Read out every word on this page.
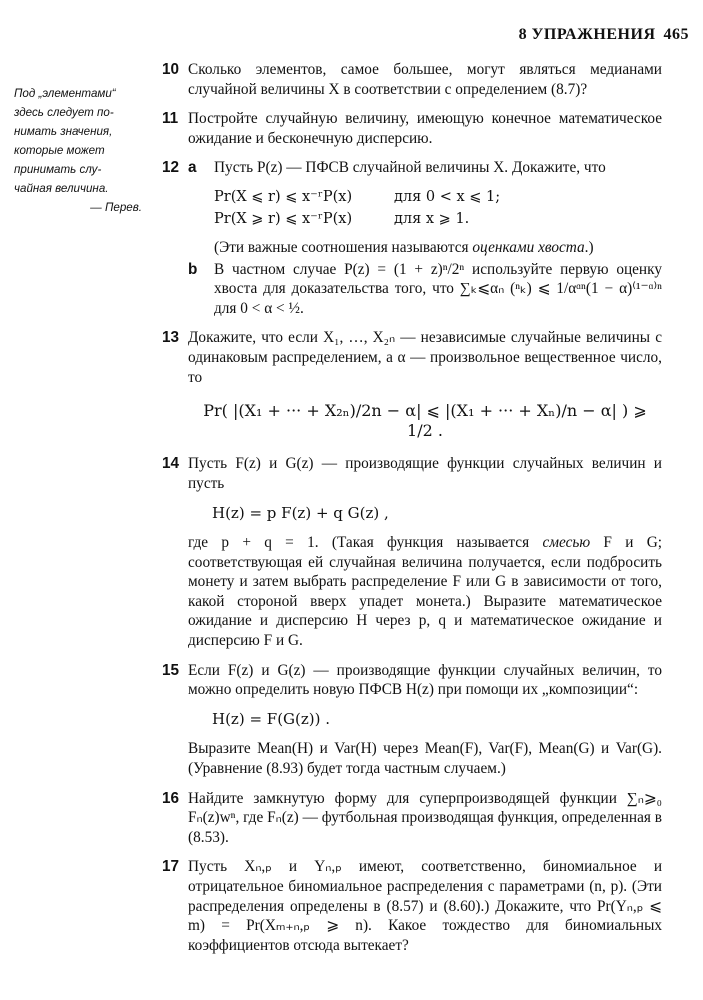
8 УПРАЖНЕНИЯ 465
Под „элементами“
здесь следует по-
нимать значения,
которые может
принимать слу-
чайная величина.
— Перев.
10 Сколько элементов, самое большее, могут являться медианами случайной величины X в соответствии с определением (8.7)?
11 Постройте случайную величину, имеющую конечное математическое ожидание и бесконечную дисперсию.
12 a Пусть P(z) — ПФСВ случайной величины X. Докажите, что
Pr(X ⩽ r) ⩽ x⁻ʳP(x)	для 0 < x ⩽ 1;
Pr(X ⩾ r) ⩽ x⁻ʳP(x)	для x ⩾ 1.
(Эти важные соотношения называются оценками хвоста.)
b В частном случае P(z) = (1 + z)ⁿ/2ⁿ используйте первую оценку хвоста для доказательства того, что ∑ₖ⩽αₙ (ⁿₖ) ⩽ 1/αᵅⁿ(1 − α)⁽¹⁻ᵅ⁾ⁿ для 0 < α < ½.
13 Докажите, что если X₁, …, X₂ₙ — независимые случайные величины с одинаковым распределением, а α — произвольное вещественное число, то
Pr( |(X₁ + ··· + X₂ₙ)/2n − α| ⩽ |(X₁ + ··· + Xₙ)/n − α| ) ⩾ 1/2 .
14 Пусть F(z) и G(z) — производящие функции случайных величин и пусть
H(z) = p F(z) + q G(z) ,
где p + q = 1. (Такая функция называется смесью F и G; соответствующая ей случайная величина получается, если подбросить монету и затем выбрать распределение F или G в зависимости от того, какой стороной вверх упадет монета.) Выразите математическое ожидание и дисперсию H через p, q и математическое ожидание и дисперсию F и G.
15 Если F(z) и G(z) — производящие функции случайных величин, то можно определить новую ПФСВ H(z) при помощи их „композиции“:
H(z) = F(G(z)) .
Выразите Mean(H) и Var(H) через Mean(F), Var(F), Mean(G) и Var(G). (Уравнение (8.93) будет тогда частным случаем.)
16 Найдите замкнутую форму для суперпроизводящей функции ∑ₙ⩾₀ Fₙ(z)wⁿ, где Fₙ(z) — футбольная производящая функция, определенная в (8.53).
17 Пусть Xₙ,ₚ и Yₙ,ₚ имеют, соответственно, биномиальное и отрицательное биномиальное распределения с параметрами (n, p). (Эти распределения определены в (8.57) и (8.60).) Докажите, что Pr(Yₙ,ₚ ⩽ m) = Pr(Xₘ₊ₙ,ₚ ⩾ n). Какое тождество для биномиальных коэффициентов отсюда вытекает?
